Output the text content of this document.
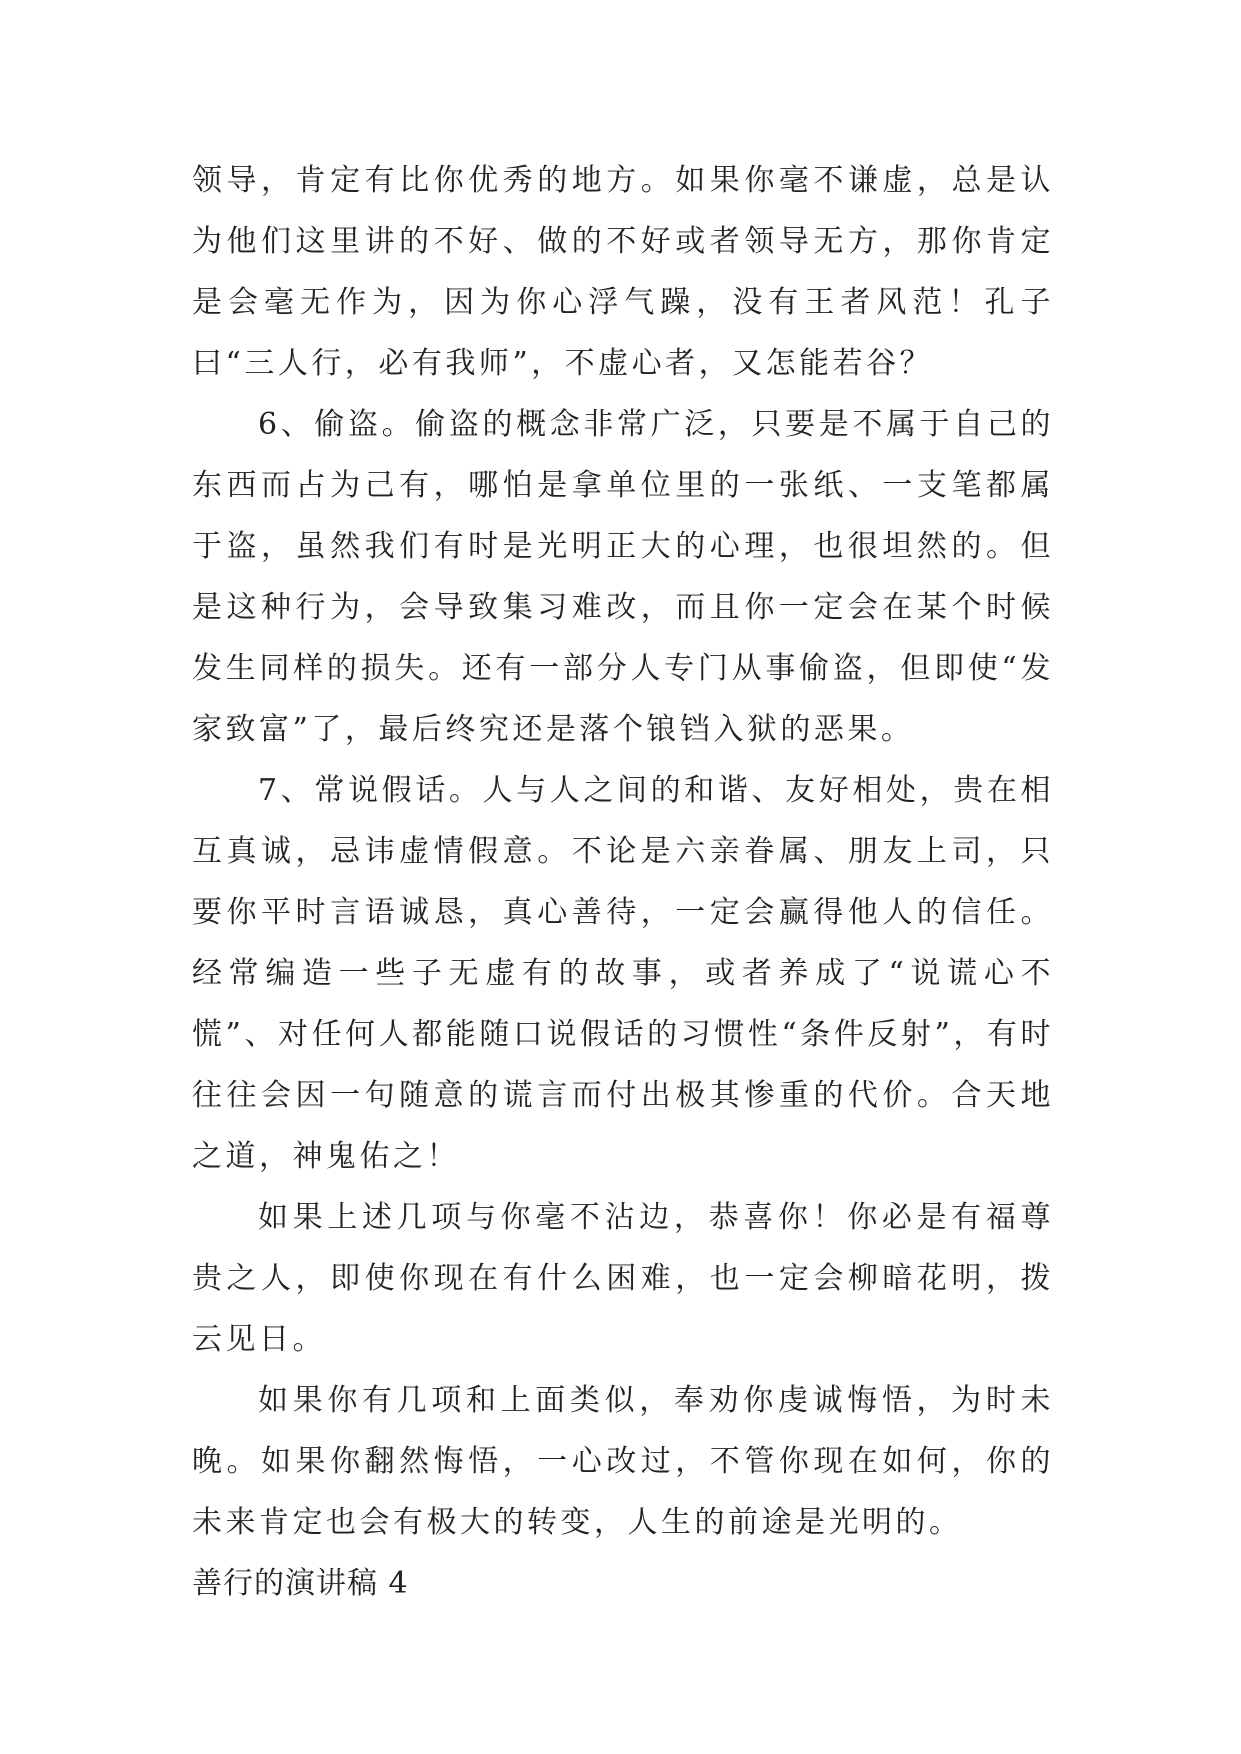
领导，肯定有比你优秀的地方。如果你毫不谦虚，总是认为他们这里讲的不好、做的不好或者领导无方，那你肯定是会毫无作为，因为你心浮气躁，没有王者风范！孔子曰“三人行，必有我师”，不虚心者，又怎能若谷？

6、偷盗。偷盗的概念非常广泛，只要是不属于自己的东西而占为己有，哪怕是拿单位里的一张纸、一支笔都属于盗，虽然我们有时是光明正大的心理，也很坦然的。但是这种行为，会导致集习难改，而且你一定会在某个时候发生同样的损失。还有一部分人专门从事偷盗，但即使“发家致富”了，最后终究还是落个锒铛入狱的恶果。

7、常说假话。人与人之间的和谐、友好相处，贵在相互真诚，忌讳虚情假意。不论是六亲眷属、朋友上司，只要你平时言语诚恳，真心善待，一定会赢得他人的信任。经常编造一些子无虚有的故事，或者养成了“说谎心不慌”、对任何人都能随口说假话的习惯性“条件反射”，有时往往会因一句随意的谎言而付出极其惨重的代价。合天地之道，神鬼佑之！

如果上述几项与你毫不沾边，恭喜你！你必是有福尊贵之人，即使你现在有什么困难，也一定会柳暗花明，拨云见日。

如果你有几项和上面类似，奉劝你虔诚悔悟，为时未晚。如果你翻然悔悟，一心改过，不管你现在如何，你的未来肯定也会有极大的转变，人生的前途是光明的。

善行的演讲稿 4
